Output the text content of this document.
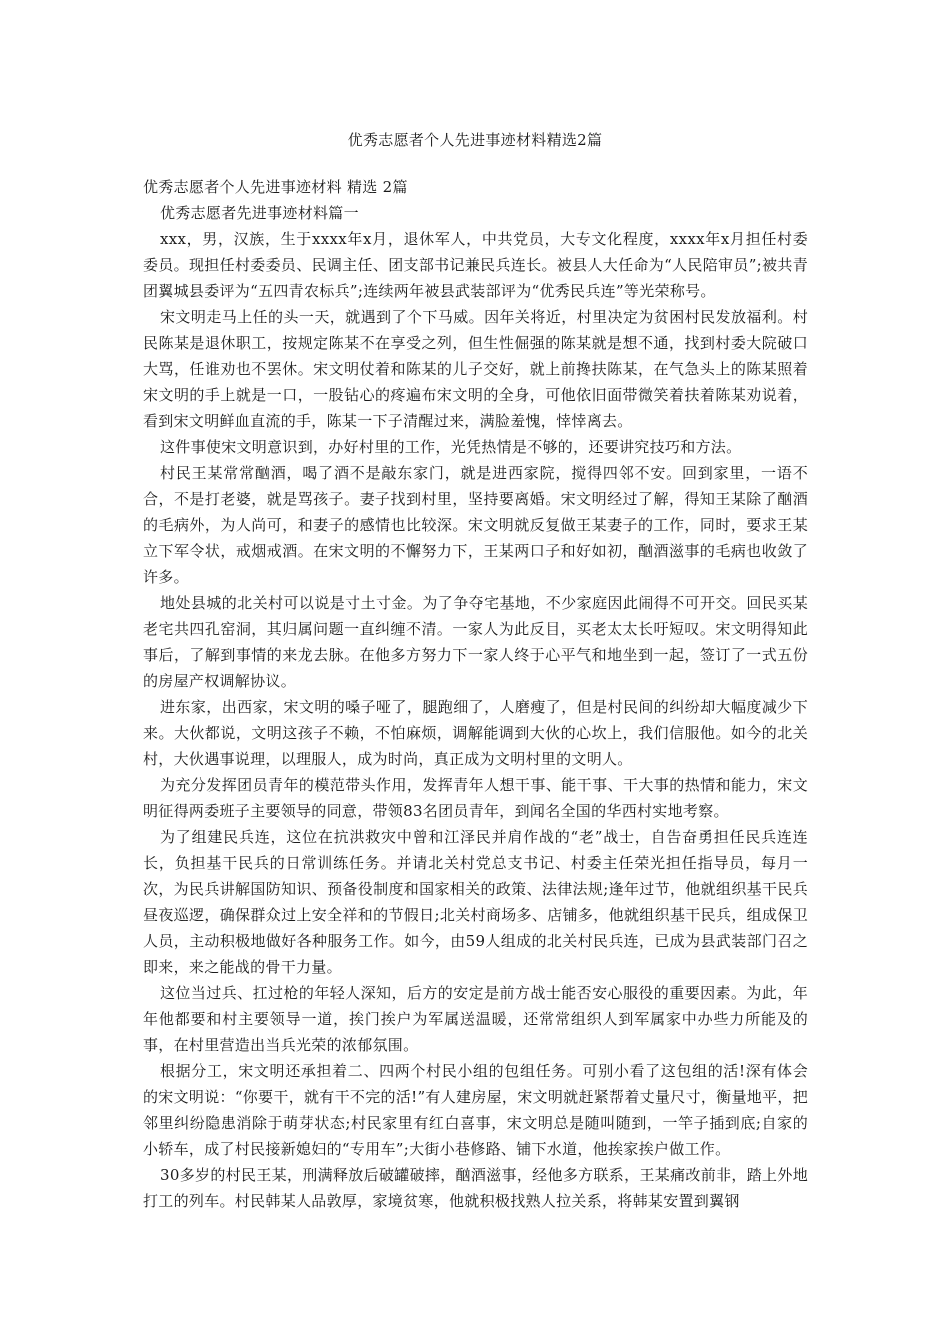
优秀志愿者个人先进事迹材料精选2篇

优秀志愿者个人先进事迹材料 精选 2篇

优秀志愿者先进事迹材料篇一

xxx，男，汉族，生于xxxx年x月，退休军人，中共党员，大专文化程度，xxxx年x月担任村委委员。现担任村委委员、民调主任、团支部书记兼民兵连长。被县人大任命为“人民陪审员”;被共青团翼城县委评为“五四青农标兵”;连续两年被县武装部评为“优秀民兵连”等光荣称号。

宋文明走马上任的头一天，就遇到了个下马威。因年关将近，村里决定为贫困村民发放福利。村民陈某是退休职工，按规定陈某不在享受之列，但生性倔强的陈某就是想不通，找到村委大院破口大骂，任谁劝也不罢休。宋文明仗着和陈某的儿子交好，就上前搀扶陈某，在气急头上的陈某照着宋文明的手上就是一口，一股钻心的疼遍布宋文明的全身，可他依旧面带微笑着扶着陈某劝说着，看到宋文明鲜血直流的手，陈某一下子清醒过来，满脸羞愧，悻悻离去。

这件事使宋文明意识到，办好村里的工作，光凭热情是不够的，还要讲究技巧和方法。

村民王某常常酗酒，喝了酒不是敲东家门，就是进西家院，搅得四邻不安。回到家里，一语不合，不是打老婆，就是骂孩子。妻子找到村里，坚持要离婚。宋文明经过了解，得知王某除了酗酒的毛病外，为人尚可，和妻子的感情也比较深。宋文明就反复做王某妻子的工作，同时，要求王某立下军令状，戒烟戒酒。在宋文明的不懈努力下，王某两口子和好如初，酗酒滋事的毛病也收敛了许多。

地处县城的北关村可以说是寸土寸金。为了争夺宅基地，不少家庭因此闹得不可开交。回民买某老宅共四孔窑洞，其归属问题一直纠缠不清。一家人为此反目，买老太太长吁短叹。宋文明得知此事后，了解到事情的来龙去脉。在他多方努力下一家人终于心平气和地坐到一起，签订了一式五份的房屋产权调解协议。

进东家，出西家，宋文明的嗓子哑了，腿跑细了，人磨瘦了，但是村民间的纠纷却大幅度减少下来。大伙都说，文明这孩子不赖，不怕麻烦，调解能调到大伙的心坎上，我们信服他。如今的北关村，大伙遇事说理，以理服人，成为时尚，真正成为文明村里的文明人。

为充分发挥团员青年的模范带头作用，发挥青年人想干事、能干事、干大事的热情和能力，宋文明征得两委班子主要领导的同意，带领83名团员青年，到闻名全国的华西村实地考察。

为了组建民兵连，这位在抗洪救灾中曾和江泽民并肩作战的“老”战士，自告奋勇担任民兵连连长，负担基干民兵的日常训练任务。并请北关村党总支书记、村委主任荣光担任指导员，每月一次，为民兵讲解国防知识、预备役制度和国家相关的政策、法律法规;逢年过节，他就组织基干民兵昼夜巡逻，确保群众过上安全祥和的节假日;北关村商场多、店铺多，他就组织基干民兵，组成保卫人员，主动积极地做好各种服务工作。如今，由59人组成的北关村民兵连，已成为县武装部门召之即来，来之能战的骨干力量。

这位当过兵、扛过枪的年轻人深知，后方的安定是前方战士能否安心服役的重要因素。为此，年年他都要和村主要领导一道，挨门挨户为军属送温暖，还常常组织人到军属家中办些力所能及的事，在村里营造出当兵光荣的浓郁氛围。

根据分工，宋文明还承担着二、四两个村民小组的包组任务。可别小看了这包组的活!深有体会的宋文明说：“你要干，就有干不完的活!”有人建房屋，宋文明就赶紧帮着丈量尺寸，衡量地平，把邻里纠纷隐患消除于萌芽状态;村民家里有红白喜事，宋文明总是随叫随到，一竿子插到底;自家的小轿车，成了村民接新媳妇的“专用车”;大街小巷修路、铺下水道，他挨家挨户做工作。

30多岁的村民王某，刑满释放后破罐破摔，酗酒滋事，经他多方联系，王某痛改前非，踏上外地打工的列车。村民韩某人品敦厚，家境贫寒，他就积极找熟人拉关系，将韩某安置到翼钢
